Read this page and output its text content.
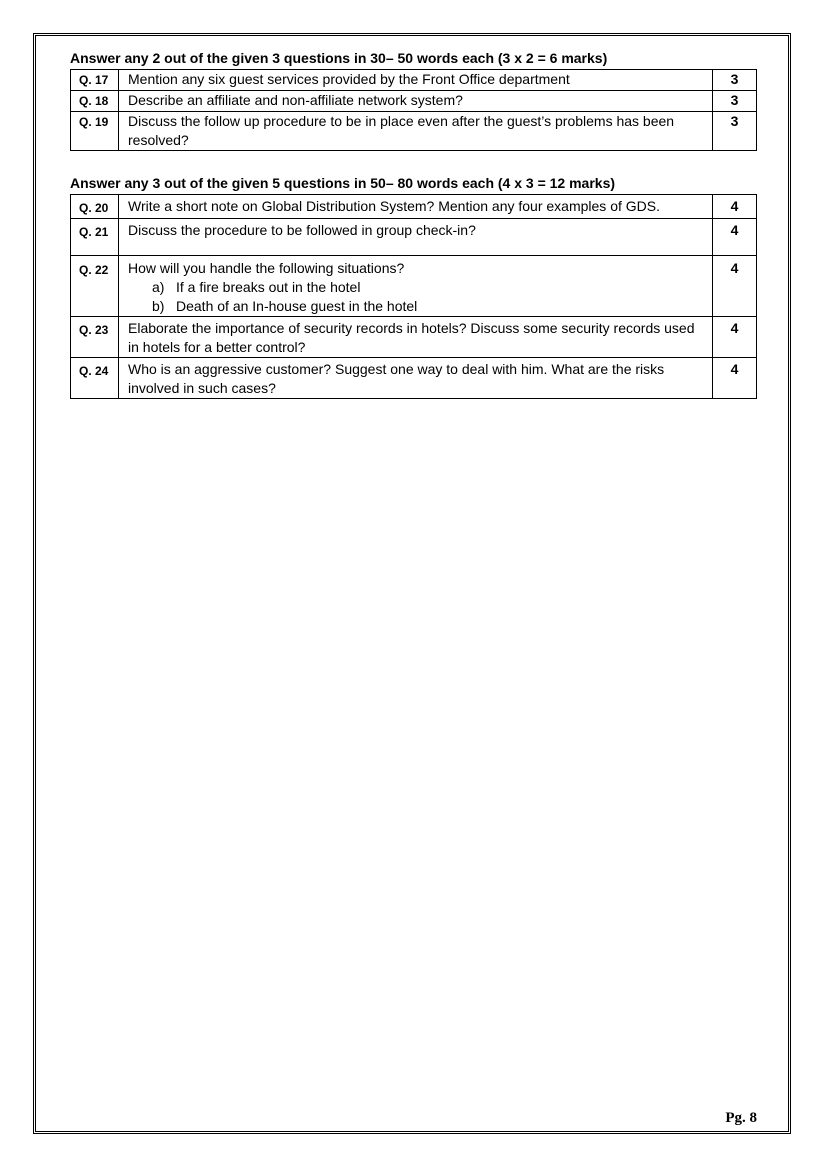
Answer any 2 out of the given 3 questions in 30– 50 words each (3 x 2 = 6 marks)
Q. 17	Mention any six guest services provided by the Front Office department	3
Q. 18	Describe an affiliate and non-affiliate network system?	3
Q. 19	Discuss the follow up procedure to be in place even after the guest’s problems has been resolved?	3
Answer any 3 out of the given 5 questions in 50– 80 words each (4 x 3 = 12 marks)
Q. 20	Write a short note on Global Distribution System? Mention any four examples of GDS.	4
Q. 21	Discuss the procedure to be followed in group check-in?	4
Q. 22	How will you handle the following situations?
a) If a fire breaks out in the hotel
b) Death of an In-house guest in the hotel	4
Q. 23	Elaborate the importance of security records in hotels? Discuss some security records used in hotels for a better control?	4
Q. 24	Who is an aggressive customer? Suggest one way to deal with him. What are the risks involved in such cases?	4
Pg. 8
